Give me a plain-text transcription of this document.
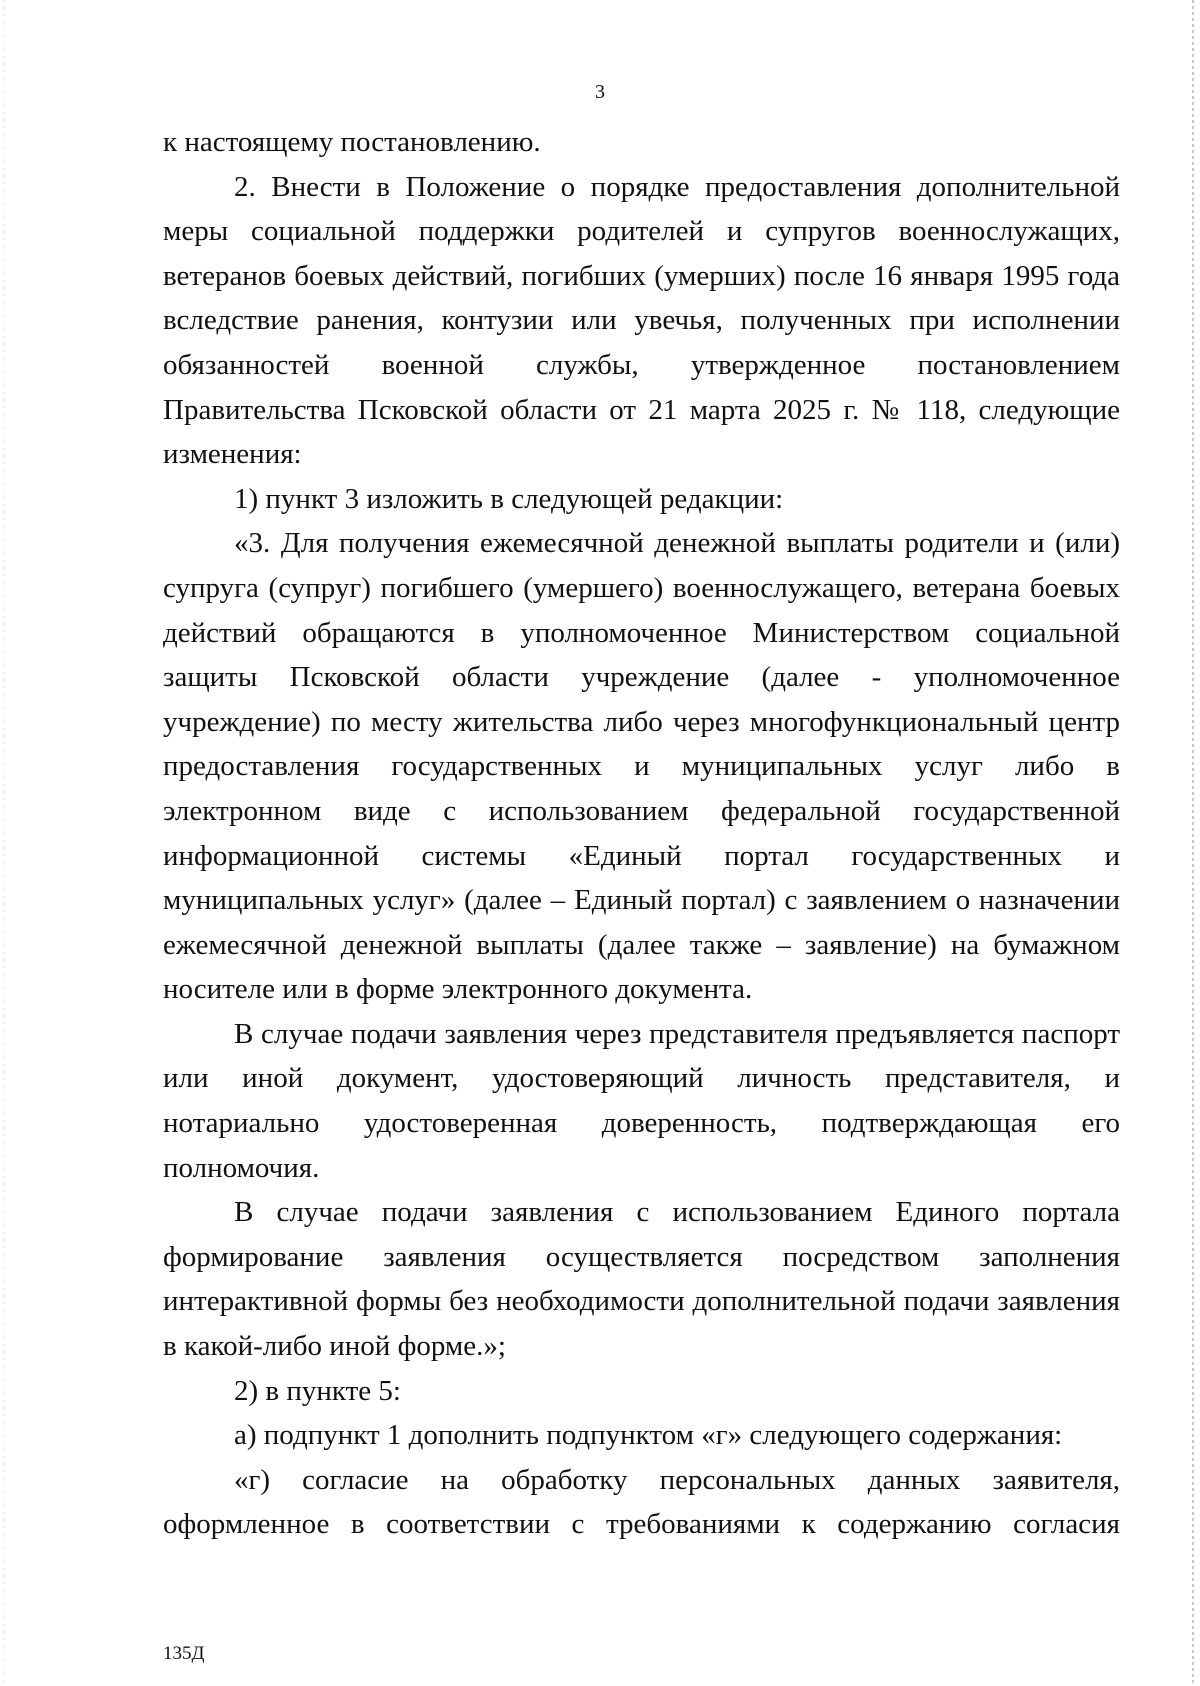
3

к настоящему постановлению.

2. Внести в Положение о порядке предоставления дополнительной меры социальной поддержки родителей и супругов военнослужащих, ветеранов боевых действий, погибших (умерших) после 16 января 1995 года вследствие ранения, контузии или увечья, полученных при исполнении обязанностей военной службы, утвержденное постановлением Правительства Псковской области от 21 марта 2025 г. № 118, следующие изменения:

1) пункт 3 изложить в следующей редакции:

«3. Для получения ежемесячной денежной выплаты родители и (или) супруга (супруг) погибшего (умершего) военнослужащего, ветерана боевых действий обращаются в уполномоченное Министерством социальной защиты Псковской области учреждение (далее - уполномоченное учреждение) по месту жительства либо через многофункциональный центр предоставления государственных и муниципальных услуг либо в электронном виде с использованием федеральной государственной информационной системы «Единый портал государственных и муниципальных услуг» (далее – Единый портал) с заявлением о назначении ежемесячной денежной выплаты (далее также – заявление) на бумажном носителе или в форме электронного документа.

В случае подачи заявления через представителя предъявляется паспорт или иной документ, удостоверяющий личность представителя, и нотариально удостоверенная доверенность, подтверждающая его полномочия.

В случае подачи заявления с использованием Единого портала формирование заявления осуществляется посредством заполнения интерактивной формы без необходимости дополнительной подачи заявления в какой-либо иной форме.»;

2) в пункте 5:

а) подпункт 1 дополнить подпунктом «г» следующего содержания:

«г) согласие на обработку персональных данных заявителя, оформленное в соответствии с требованиями к содержанию согласия

135Д
